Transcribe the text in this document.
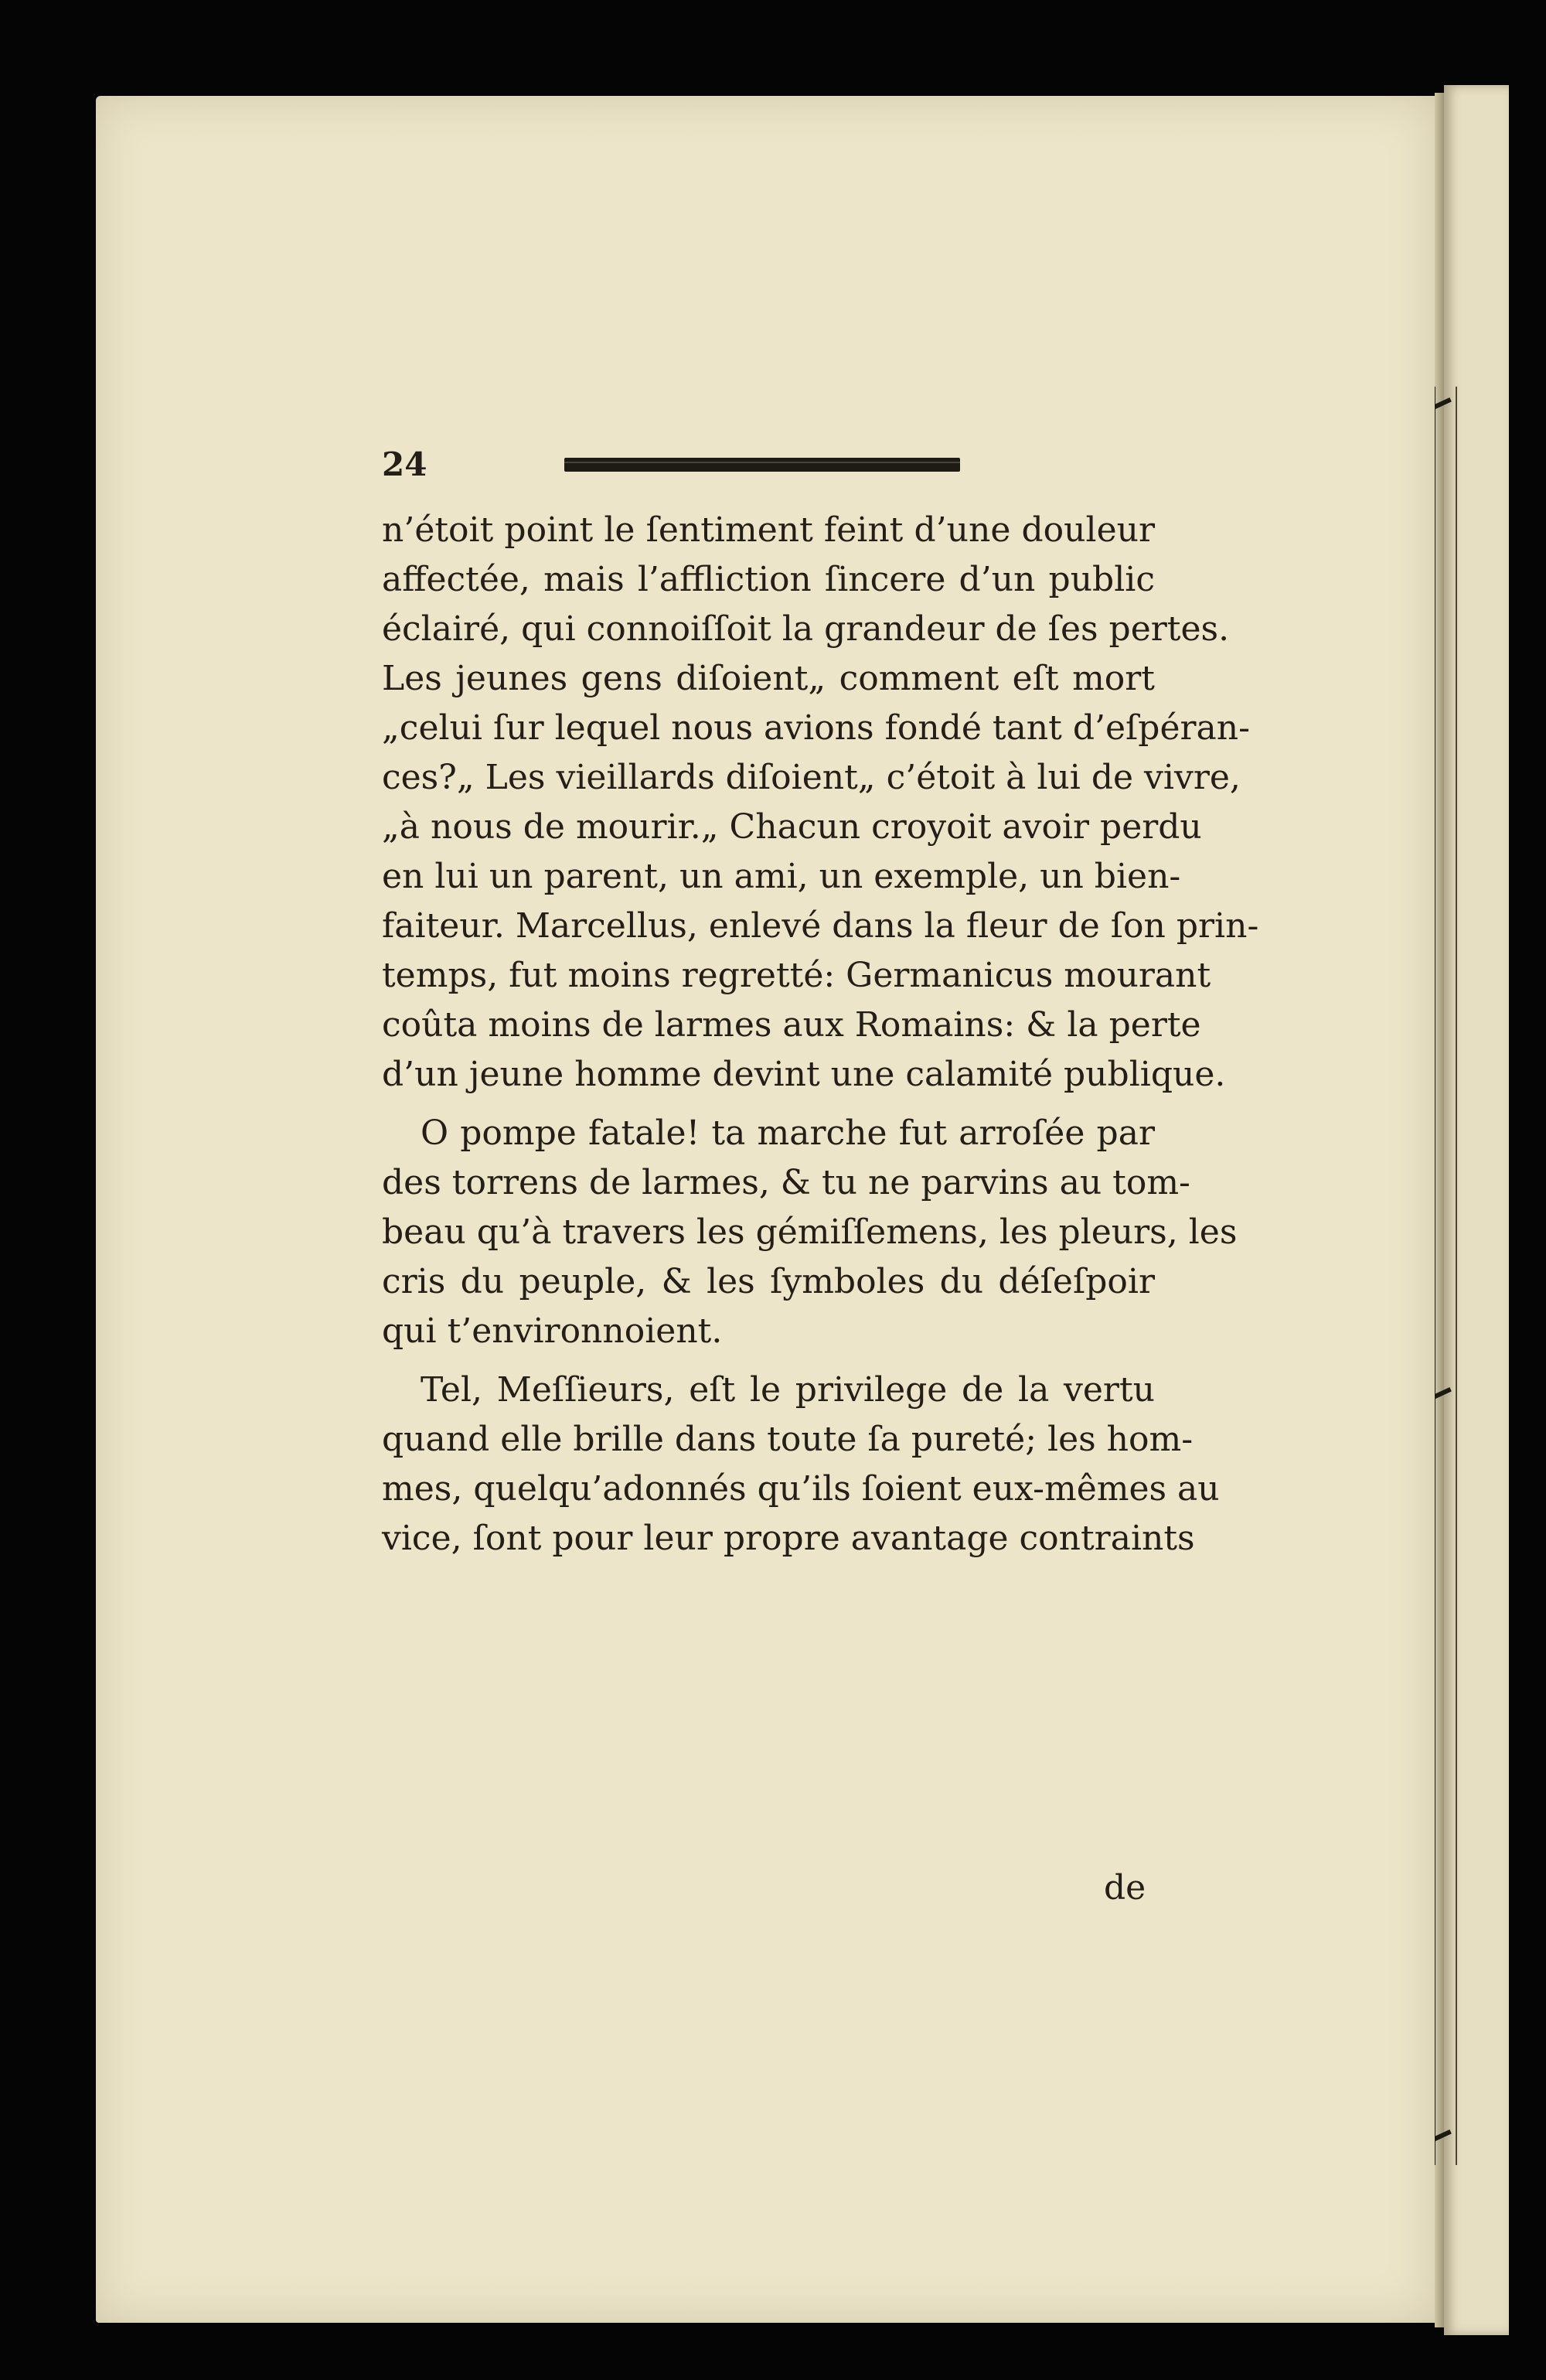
24
n’étoit point le ſentiment feint d’une douleur
affectée, mais l’affliction ſincere d’un public
éclairé, qui connoiſſoit la grandeur de ſes pertes.
Les jeunes gens diſoient„ comment eſt mort
„celui ſur lequel nous avions fondé tant d’eſpéran-
ces?„ Les vieillards diſoient„ c’étoit à lui de vivre,
„à nous de mourir.„ Chacun croyoit avoir perdu
en lui un parent, un ami, un exemple, un bien-
faiteur. Marcellus, enlevé dans la fleur de ſon prin-
temps, fut moins regretté: Germanicus mourant
coûta moins de larmes aux Romains: & la perte
d’un jeune homme devint une calamité publique.
O pompe fatale! ta marche fut arroſée par
des torrens de larmes, & tu ne parvins au tom-
beau qu’à travers les gémiſſemens, les pleurs, les
cris du peuple, & les ſymboles du déſeſpoir
qui t’environnoient.
Tel, Meſſieurs, eſt le privilege de la vertu
quand elle brille dans toute ſa pureté; les hom-
mes, quelqu’adonnés qu’ils ſoient eux-mêmes au
vice, ſont pour leur propre avantage contraints
de
